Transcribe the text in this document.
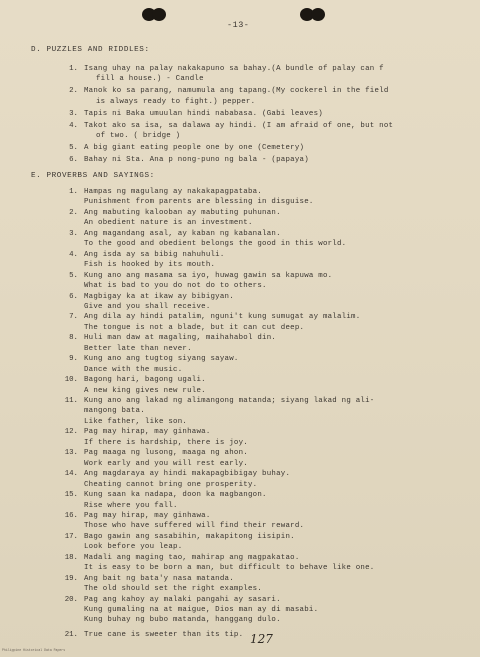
-13-
D. PUZZLES AND RIDDLES:
1. Isang uhay na palay nakakapuno sa bahay.(A bundle of palay can f
fill a house.) - Candle
2. Manok ko sa parang, namumula ang tapang.(My cockerel in the field
is always ready to fight.) pepper.
3. Tapis ni Baka umuulan hindi nababasa. (Gabi leaves)
4. Takot ako sa isa, sa dalawa ay hindi. (I am afraid of one, but not
of two. ( bridge )
5. A big giant eating people one by one (Cemetery)
6. Bahay ni Sta. Ana p nong-puno ng bala - (papaya)
E. PROVERBS AND SAYINGS:
1. Hampas ng magulang ay nakakapagpataba.
Punishment from parents are blessing in disguise.
2. Ang mabuting kalooban ay mabuting puhunan.
An obedient nature is an investment.
3. Ang magandang asal, ay kaban ng kabanalan.
To the good and obedient belongs the good in this world.
4. Ang isda ay sa bibig nahuhuli.
Fish is hooked by its mouth.
5. Kung ano ang masama sa iyo, huwag gawin sa kapuwa mo.
What is bad to you do not do to others.
6. Magbigay ka at ikaw ay bibigyan.
Give and you shall receive.
7. Ang dila ay hindi patalim, nguni't kung sumugat ay malalim.
The tongue is not a blade, but it can cut deep.
8. Huli man daw at magaling, maihahabol din.
Better late than never.
9. Kung ano ang tugtog siyang sayaw.
Dance with the music.
10. Bagong hari, bagong ugali.
A new king gives new rule.
11. Kung ano ang lakad ng alimangong matanda; siyang lakad ng ali-
mangong bata.
Like father, like son.
12. Pag may hirap, may ginhawa.
If there is hardship, there is joy.
13. Pag maaga ng lusong, maaga ng ahon.
Work early and you will rest early.
14. Ang magdaraya ay hindi makapagbibigay buhay.
Cheating cannot bring one prosperity.
15. Kung saan ka nadapa, doon ka magbangon.
Rise where you fall.
16. Pag may hirap, may ginhawa.
Those who have suffered will find their reward.
17. Bago gawin ang sasabihin, makapitong iisipin.
Look before you leap.
18. Madali ang maging tao, mahirap ang magpakatao.
It is easy to be born a man, but difficult to behave like one.
19. Ang bait ng bata'y nasa matanda.
The old should set the right examples.
20. Pag ang kahoy ay malaki pangahi ay sasari.
Kung gumaling na at maigue, Dios man ay di masabi.
Kung buhay ng bubo matanda, hanggang dulo.
21. True cane is sweeter than its tip. 127
Philippine Historical Data Papers
